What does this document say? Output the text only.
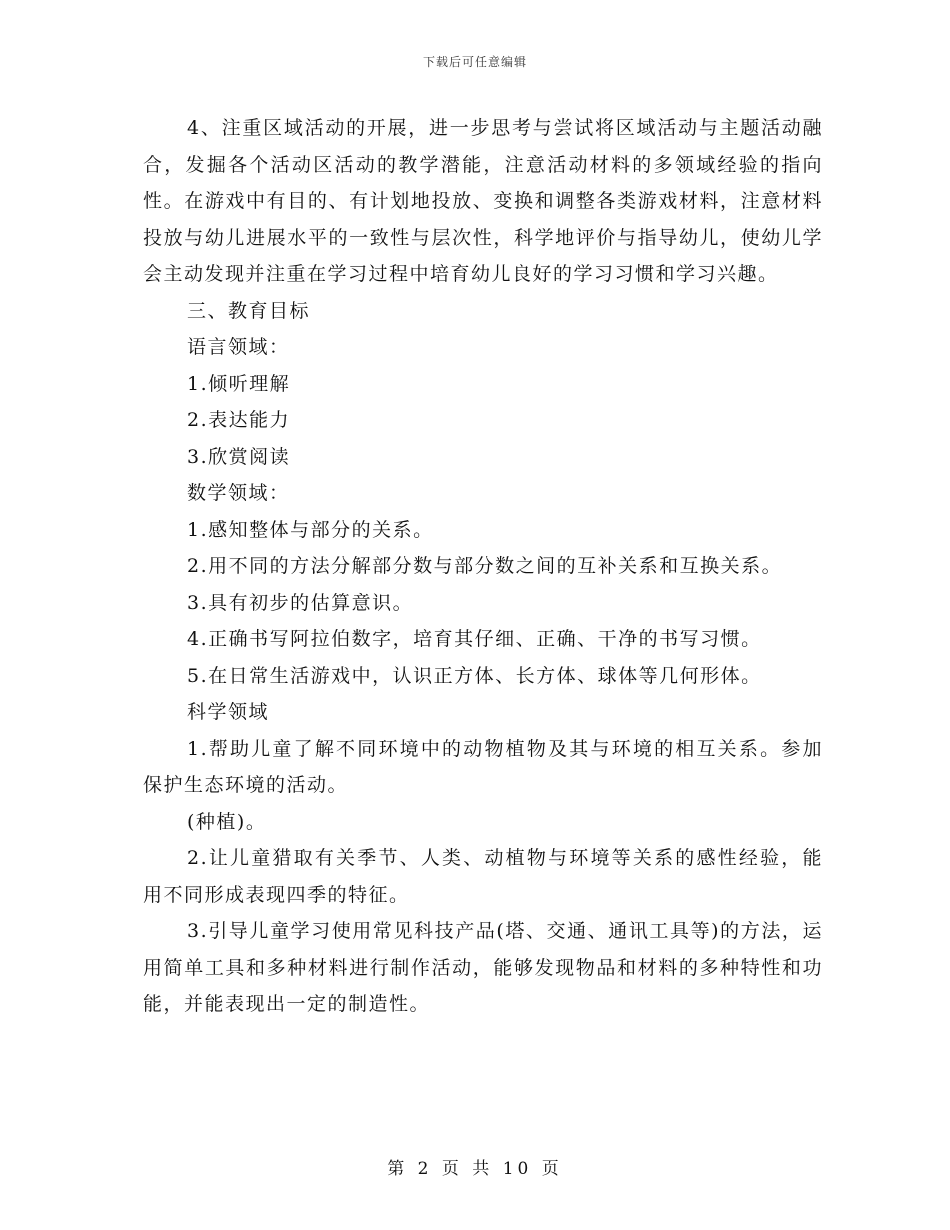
下载后可任意编辑

4、注重区域活动的开展，进一步思考与尝试将区域活动与主题活动融合，发掘各个活动区活动的教学潜能，注意活动材料的多领域经验的指向性。在游戏中有目的、有计划地投放、变换和调整各类游戏材料，注意材料投放与幼儿进展水平的一致性与层次性，科学地评价与指导幼儿，使幼儿学会主动发现并注重在学习过程中培育幼儿良好的学习习惯和学习兴趣。

三、教育目标

语言领域：

1.倾听理解

2.表达能力

3.欣赏阅读

数学领域：

1.感知整体与部分的关系。

2.用不同的方法分解部分数与部分数之间的互补关系和互换关系。

3.具有初步的估算意识。

4.正确书写阿拉伯数字，培育其仔细、正确、干净的书写习惯。

5.在日常生活游戏中，认识正方体、长方体、球体等几何形体。

科学领域

1.帮助儿童了解不同环境中的动物植物及其与环境的相互关系。参加保护生态环境的活动。

(种植)。

2.让儿童猎取有关季节、人类、动植物与环境等关系的感性经验，能用不同形成表现四季的特征。

3.引导儿童学习使用常见科技产品(塔、交通、通讯工具等)的方法，运用简单工具和多种材料进行制作活动，能够发现物品和材料的多种特性和功能，并能表现出一定的制造性。

第 2 页 共 10 页
